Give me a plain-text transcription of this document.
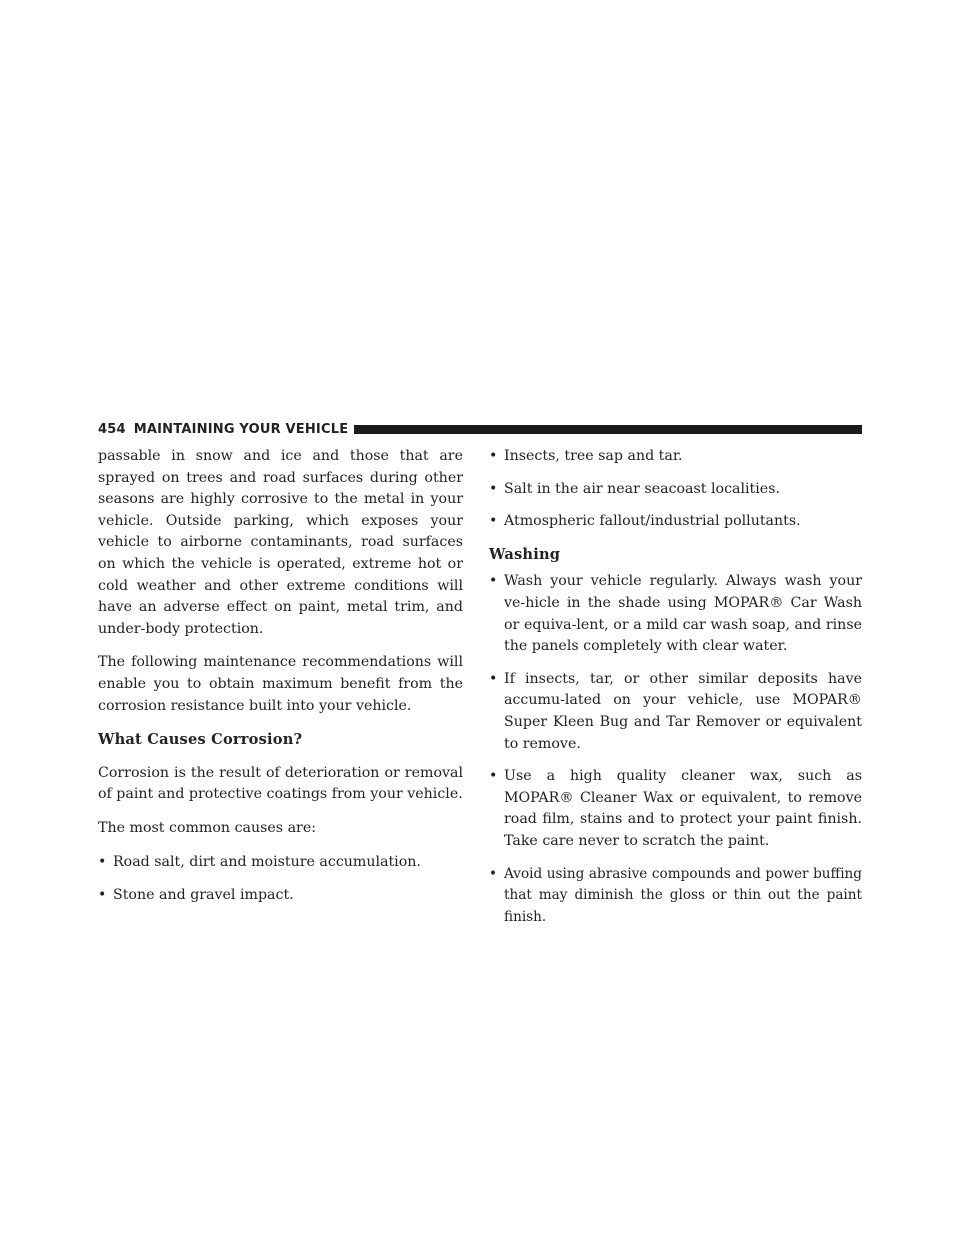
454 MAINTAINING YOUR VEHICLE

passable in snow and ice and those that are sprayed on trees and road surfaces during other seasons are highly corrosive to the metal in your vehicle. Outside parking, which exposes your vehicle to airborne contaminants, road surfaces on which the vehicle is operated, extreme hot or cold weather and other extreme conditions will have an adverse effect on paint, metal trim, and under-body protection.

The following maintenance recommendations will enable you to obtain maximum benefit from the corrosion resistance built into your vehicle.

What Causes Corrosion?

Corrosion is the result of deterioration or removal of paint and protective coatings from your vehicle.

The most common causes are:

• Road salt, dirt and moisture accumulation.
• Stone and gravel impact.
• Insects, tree sap and tar.
• Salt in the air near seacoast localities.
• Atmospheric fallout/industrial pollutants.
Washing
• Wash your vehicle regularly. Always wash your ve-hicle in the shade using MOPAR® Car Wash or equiva-lent, or a mild car wash soap, and rinse the panels completely with clear water.
• If insects, tar, or other similar deposits have accumu-lated on your vehicle, use MOPAR® Super Kleen Bug and Tar Remover or equivalent to remove.
• Use a high quality cleaner wax, such as MOPAR® Cleaner Wax or equivalent, to remove road film, stains and to protect your paint finish. Take care never to scratch the paint.
• Avoid using abrasive compounds and power buffing that may diminish the gloss or thin out the paint finish.
